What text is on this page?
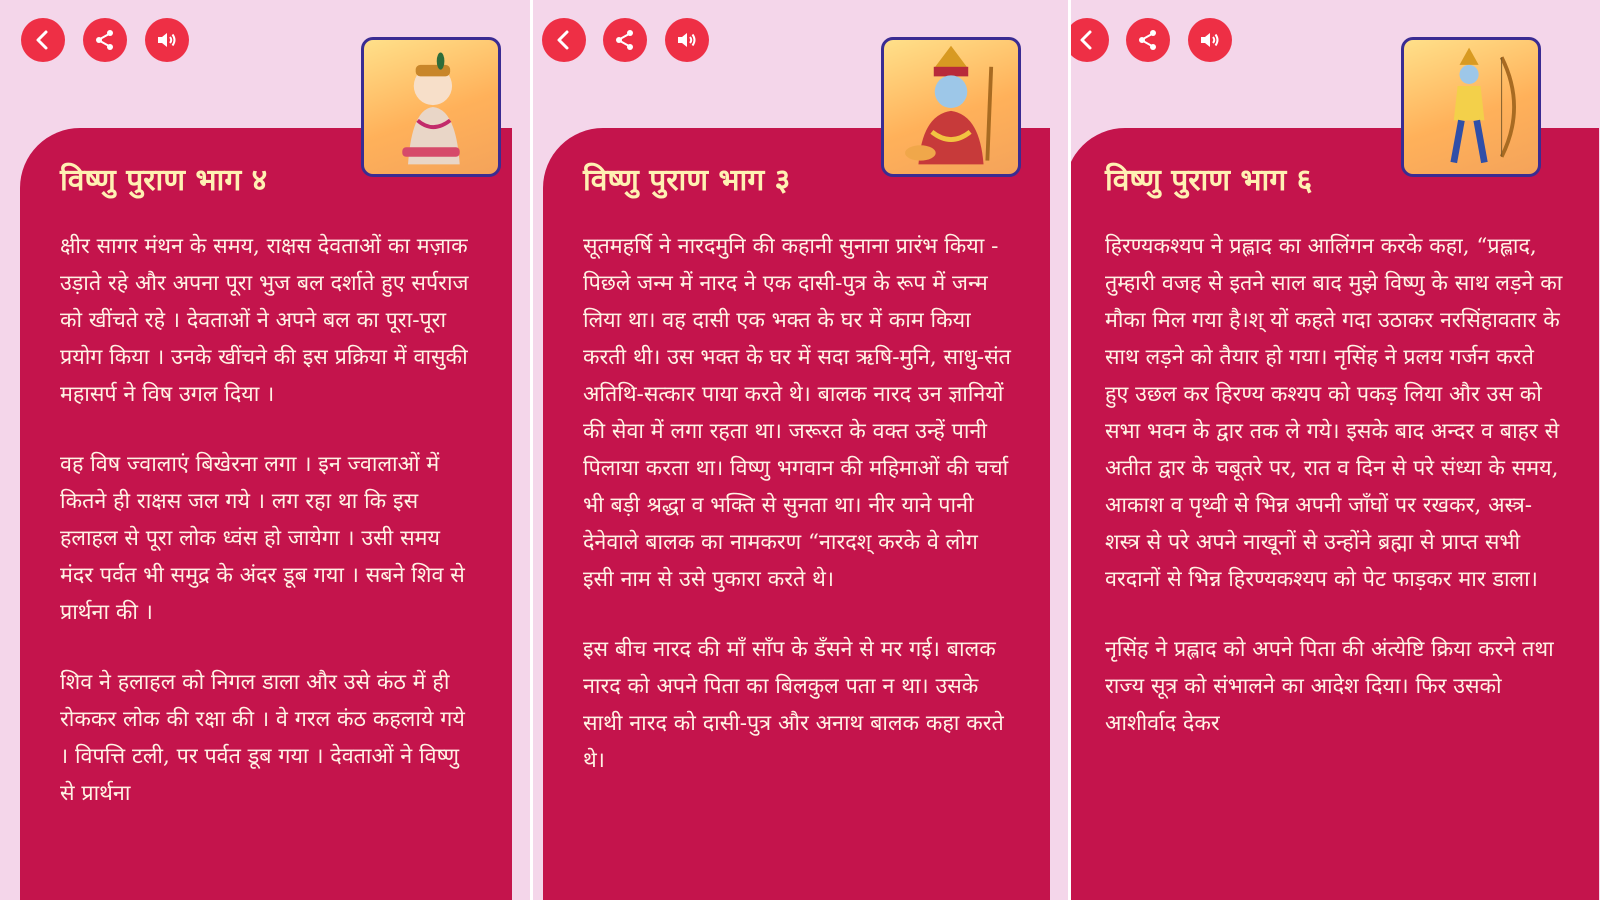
विष्णु पुराण भाग ४

क्षीर सागर मंथन के समय, राक्षस देवताओं का मज़ाक उड़ाते रहे और अपना पूरा भुज बल दर्शाते हुए सर्पराज को खींचते रहे । देवताओं ने अपने बल का पूरा-पूरा प्रयोग किया । उनके खींचने की इस प्रक्रिया में वासुकी महासर्प ने विष उगल दिया ।

वह विष ज्वालाएं बिखेरना लगा । इन ज्वालाओं में कितने ही राक्षस जल गये । लग रहा था कि इस हलाहल से पूरा लोक ध्वंस हो जायेगा । उसी समय मंदर पर्वत भी समुद्र के अंदर डूब गया । सबने शिव से प्रार्थना की ।

शिव ने हलाहल को निगल डाला और उसे कंठ में ही रोककर लोक की रक्षा की । वे गरल कंठ कहलाये गये । विपत्ति टली, पर पर्वत डूब गया । देवताओं ने विष्णु से प्रार्थना

विष्णु पुराण भाग ३

सूतमहर्षि ने नारदमुनि की कहानी सुनाना प्रारंभ किया - पिछले जन्म में नारद ने एक दासी-पुत्र के रूप में जन्म लिया था। वह दासी एक भक्त के घर में काम किया करती थी। उस भक्त के घर में सदा ऋषि-मुनि, साधु-संत अतिथि-सत्कार पाया करते थे। बालक नारद उन ज्ञानियों की सेवा में लगा रहता था। जरूरत के वक्त उन्हें पानी पिलाया करता था। विष्णु भगवान की महिमाओं की चर्चा भी बड़ी श्रद्धा व भक्ति से सुनता था। नीर याने पानी देनेवाले बालक का नामकरण “नारदश् करके वे लोग इसी नाम से उसे पुकारा करते थे।

इस बीच नारद की माँ साँप के डँसने से मर गई। बालक नारद को अपने पिता का बिलकुल पता न था। उसके साथी नारद को दासी-पुत्र और अनाथ बालक कहा करते थे।

विष्णु पुराण भाग ६

हिरण्यकश्यप ने प्रह्लाद का आलिंगन करके कहा, “प्रह्लाद, तुम्हारी वजह से इतने साल बाद मुझे विष्णु के साथ लड़ने का मौका मिल गया है।श् यों कहते गदा उठाकर नरसिंहावतार के साथ लड़ने को तैयार हो गया। नृसिंह ने प्रलय गर्जन करते हुए उछल कर हिरण्य कश्यप को पकड़ लिया और उस को सभा भवन के द्वार तक ले गये। इसके बाद अन्दर व बाहर से अतीत द्वार के चबूतरे पर, रात व दिन से परे संध्या के समय, आकाश व पृथ्वी से भिन्न अपनी जाँघों पर रखकर, अस्त्र-शस्त्र से परे अपने नाखूनों से उन्होंने ब्रह्मा से प्राप्त सभी वरदानों से भिन्न हिरण्यकश्यप को पेट फाड़कर मार डाला।

नृसिंह ने प्रह्लाद को अपने पिता की अंत्येष्टि क्रिया करने तथा राज्य सूत्र को संभालने का आदेश दिया। फिर उसको आशीर्वाद देकर
